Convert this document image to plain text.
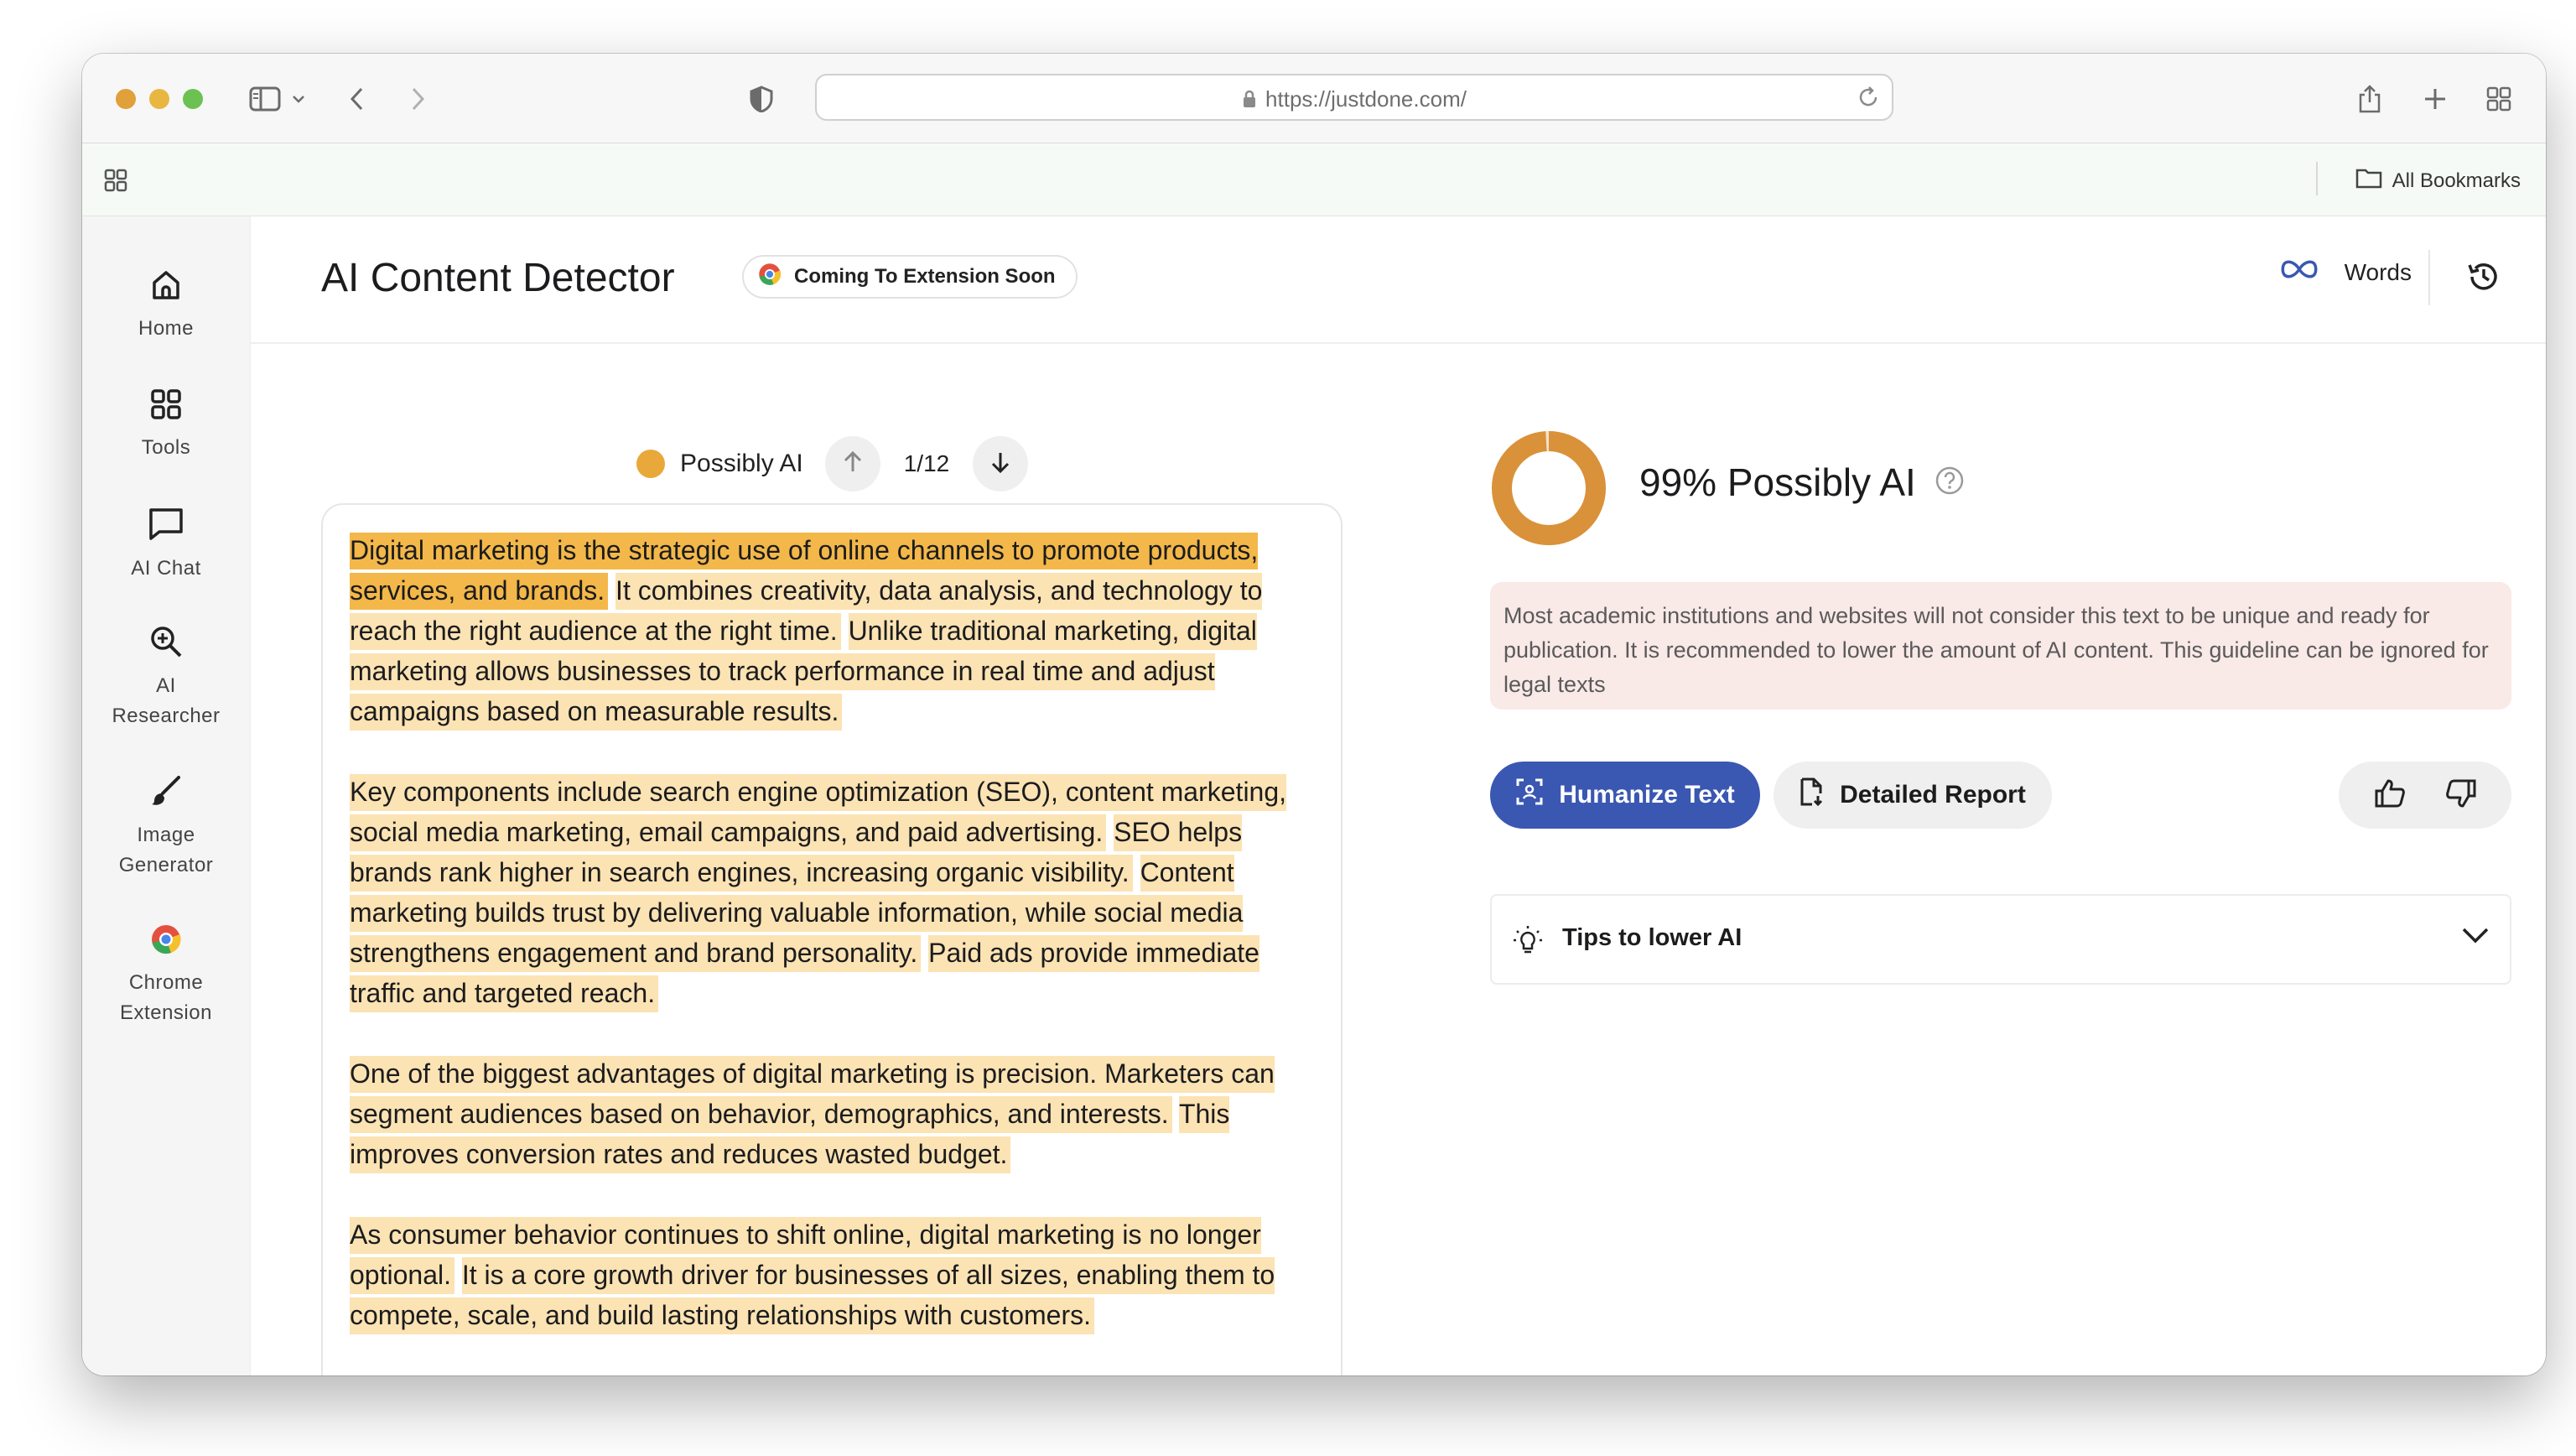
https://justdone.com/
All Bookmarks
Home
Tools
AI Chat
AI
Researcher
Image
Generator
Chrome
Extension
AI Content Detector	Coming To Extension Soon	Words
Possibly AI	1/12

Digital marketing is the strategic use of online channels to promote products, services, and brands. It combines creativity, data analysis, and technology to reach the right audience at the right time. Unlike traditional marketing, digital marketing allows businesses to track performance in real time and adjust campaigns based on measurable results.

Key components include search engine optimization (SEO), content marketing, social media marketing, email campaigns, and paid advertising. SEO helps brands rank higher in search engines, increasing organic visibility. Content marketing builds trust by delivering valuable information, while social media strengthens engagement and brand personality. Paid ads provide immediate traffic and targeted reach.

One of the biggest advantages of digital marketing is precision. Marketers can segment audiences based on behavior, demographics, and interests. This improves conversion rates and reduces wasted budget.

As consumer behavior continues to shift online, digital marketing is no longer optional. It is a core growth driver for businesses of all sizes, enabling them to compete, scale, and build lasting relationships with customers.

99% Possibly AI
Most academic institutions and websites will not consider this text to be unique and ready for publication. It is recommended to lower the amount of AI content. This guideline can be ignored for legal texts
Humanize Text	Detailed Report
Tips to lower AI
